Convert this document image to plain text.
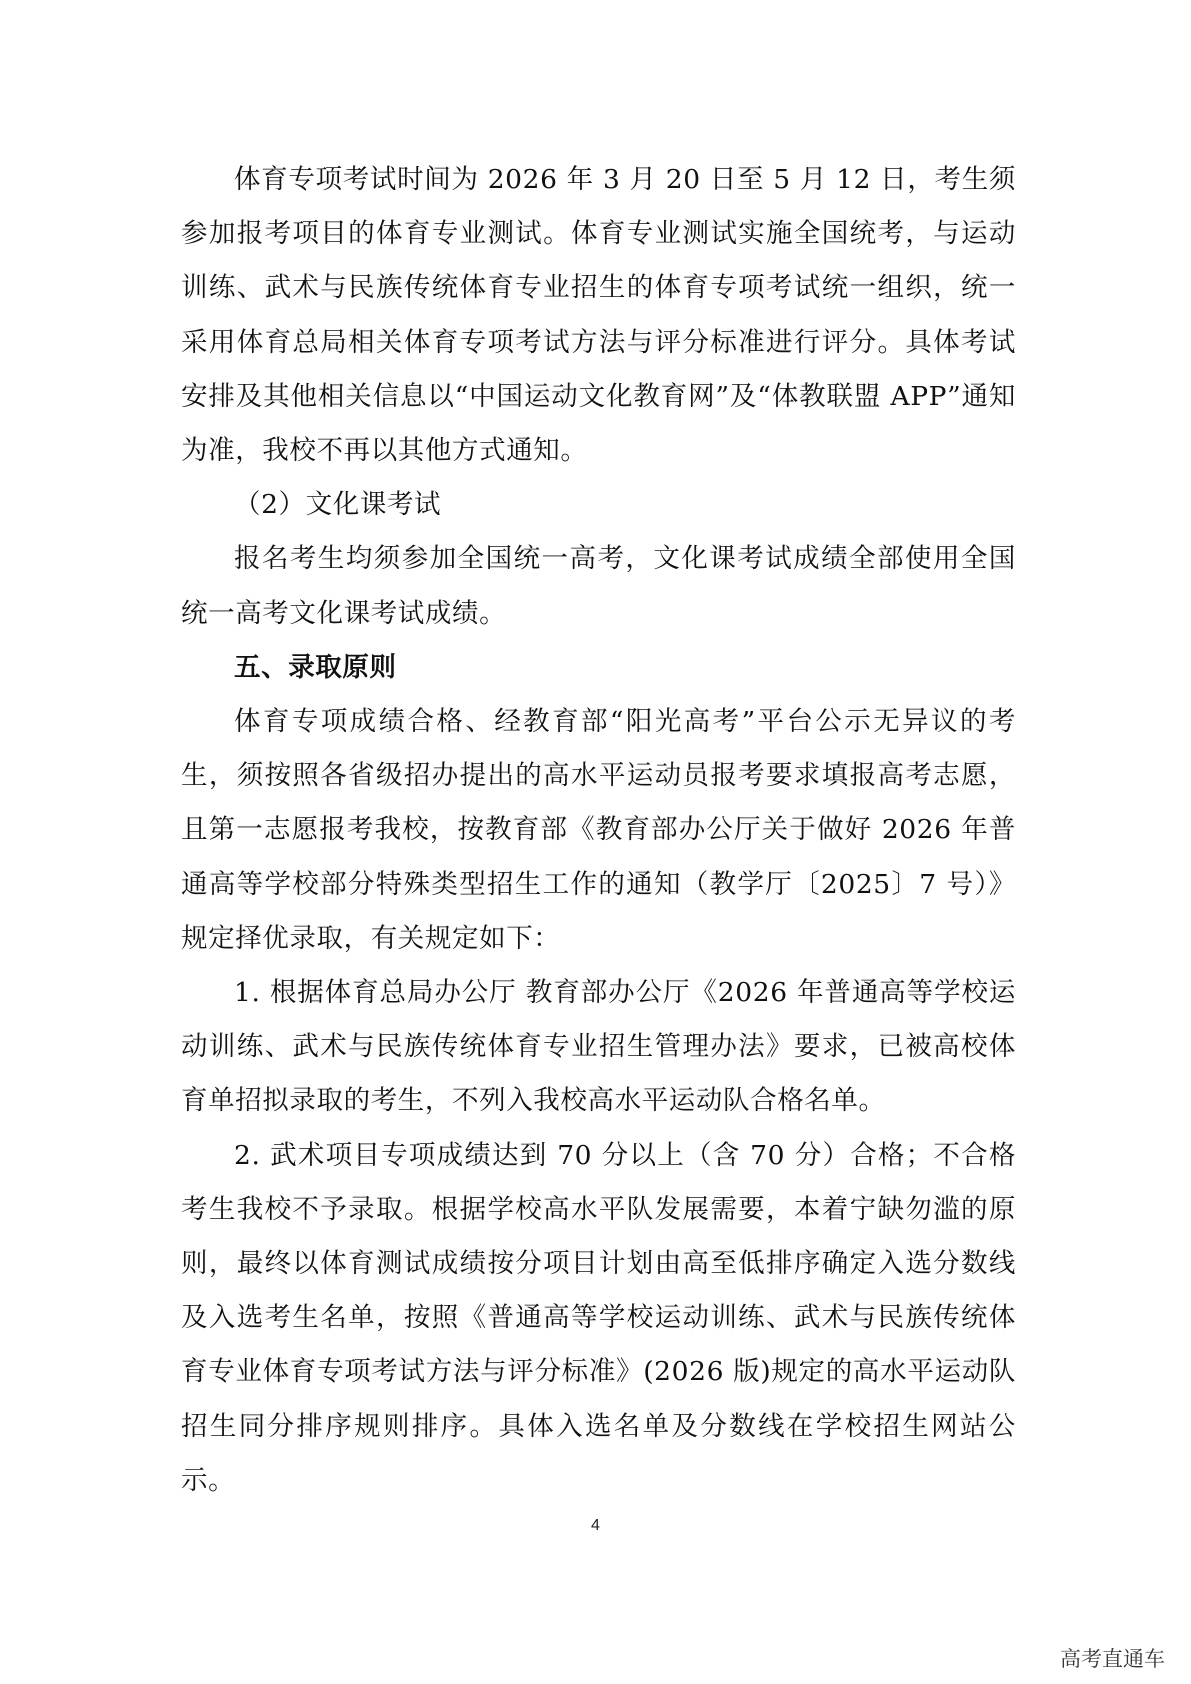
体育专项考试时间为 2026 年 3 月 20 日至 5 月 12 日，考生须参加报考项目的体育专业测试。体育专业测试实施全国统考，与运动训练、武术与民族传统体育专业招生的体育专项考试统一组织，统一采用体育总局相关体育专项考试方法与评分标准进行评分。具体考试安排及其他相关信息以“中国运动文化教育网”及“体教联盟 APP”通知为准，我校不再以其他方式通知。

（2）文化课考试

报名考生均须参加全国统一高考，文化课考试成绩全部使用全国统一高考文化课考试成绩。

五、录取原则

体育专项成绩合格、经教育部“阳光高考”平台公示无异议的考生，须按照各省级招办提出的高水平运动员报考要求填报高考志愿，且第一志愿报考我校，按教育部《教育部办公厅关于做好 2026 年普通高等学校部分特殊类型招生工作的通知（教学厅〔2025〕7 号）》规定择优录取，有关规定如下：

1. 根据体育总局办公厅 教育部办公厅《2026 年普通高等学校运动训练、武术与民族传统体育专业招生管理办法》要求，已被高校体育单招拟录取的考生，不列入我校高水平运动队合格名单。

2. 武术项目专项成绩达到 70 分以上（含 70 分）合格；不合格考生我校不予录取。根据学校高水平队发展需要，本着宁缺勿滥的原则，最终以体育测试成绩按分项目计划由高至低排序确定入选分数线及入选考生名单，按照《普通高等学校运动训练、武术与民族传统体育专业体育专项考试方法与评分标准》(2026 版)规定的高水平运动队招生同分排序规则排序。具体入选名单及分数线在学校招生网站公示。

4
高考直通车
